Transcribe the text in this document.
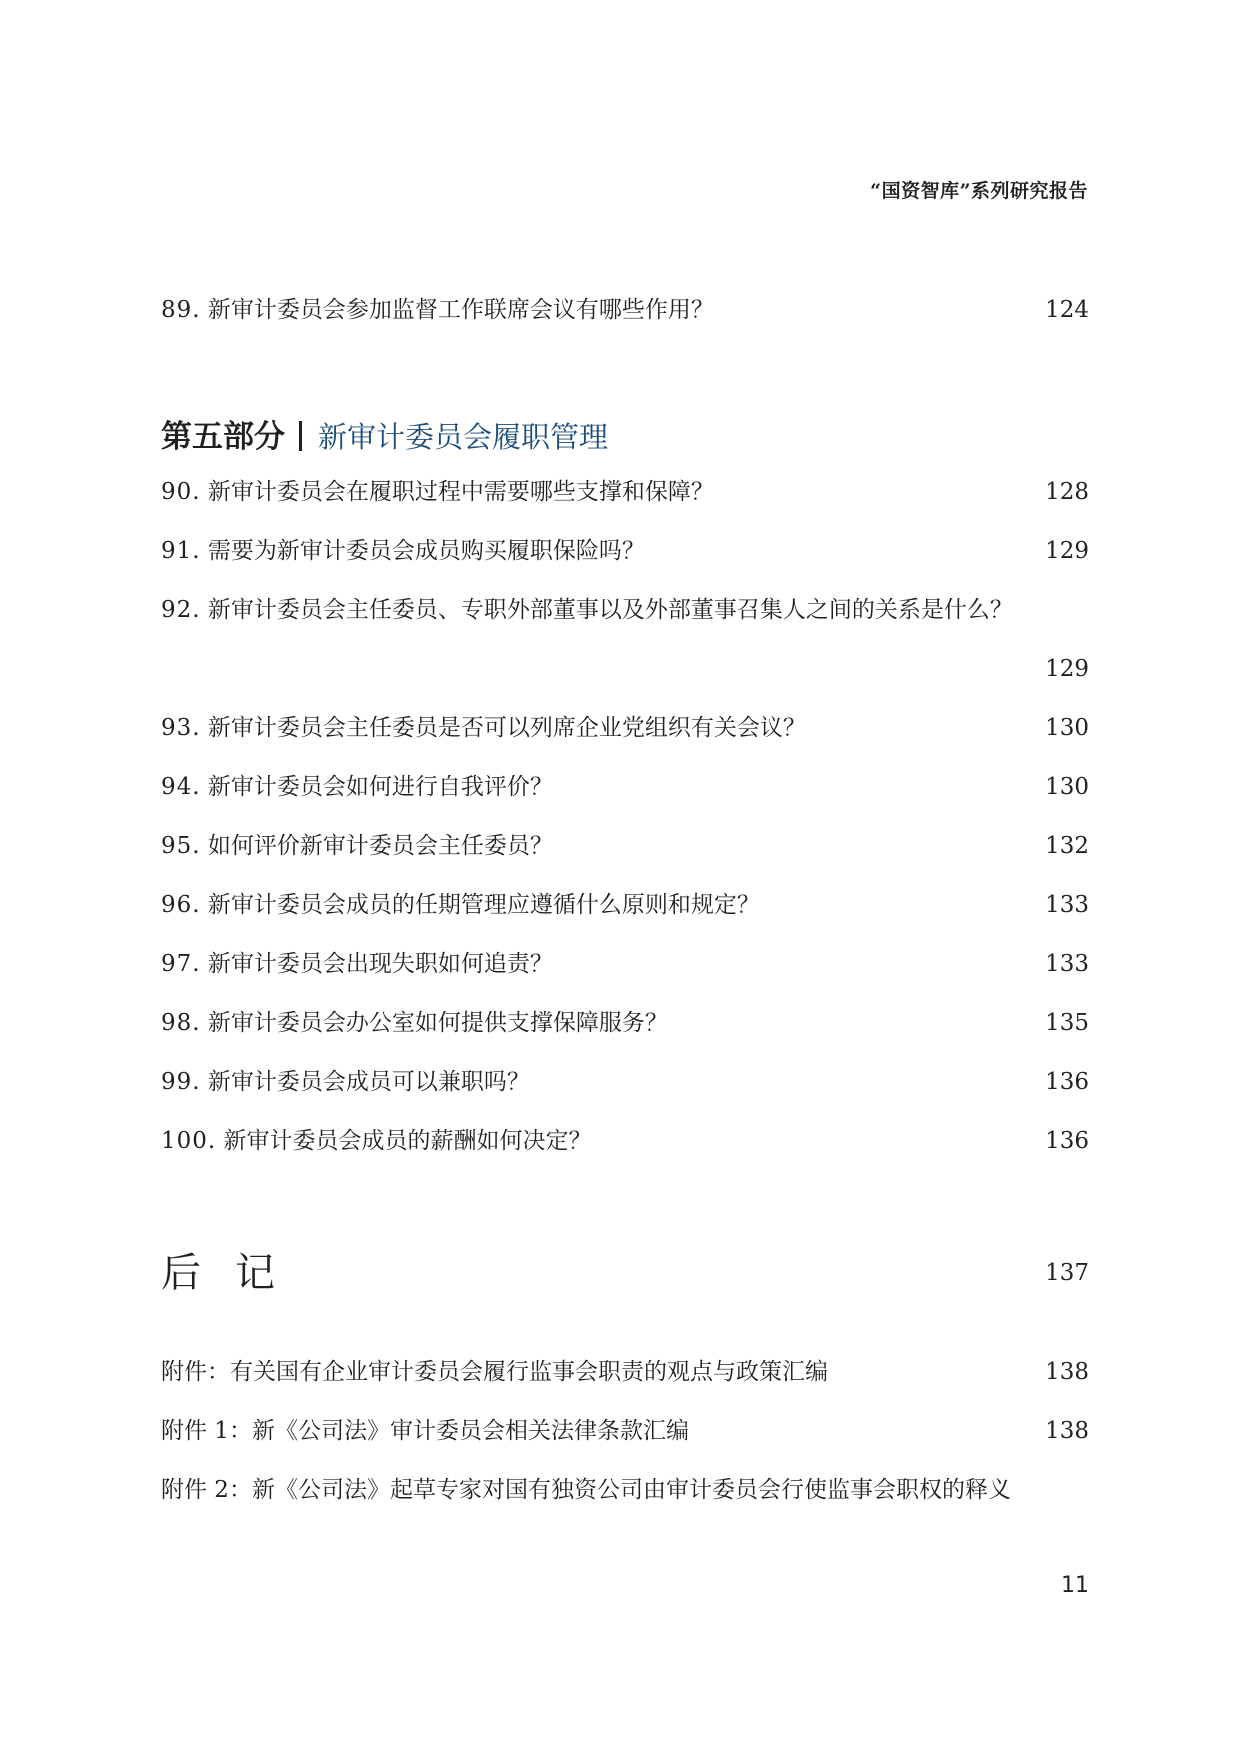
“国资智库”系列研究报告
89. 新审计委员会参加监督工作联席会议有哪些作用？	124
第五部分 新审计委员会履职管理
90. 新审计委员会在履职过程中需要哪些支撑和保障？	128
91. 需要为新审计委员会成员购买履职保险吗？	129
92. 新审计委员会主任委员、专职外部董事以及外部董事召集人之间的关系是什么？
129
93. 新审计委员会主任委员是否可以列席企业党组织有关会议？	130
94. 新审计委员会如何进行自我评价？	130
95. 如何评价新审计委员会主任委员？	132
96. 新审计委员会成员的任期管理应遵循什么原则和规定？	133
97. 新审计委员会出现失职如何追责？	133
98. 新审计委员会办公室如何提供支撑保障服务？	135
99. 新审计委员会成员可以兼职吗？	136
100. 新审计委员会成员的薪酬如何决定？	136
后记	137
附件：有关国有企业审计委员会履行监事会职责的观点与政策汇编	138
附件 1：新《公司法》审计委员会相关法律条款汇编	138
附件 2：新《公司法》起草专家对国有独资公司由审计委员会行使监事会职权的释义
11
